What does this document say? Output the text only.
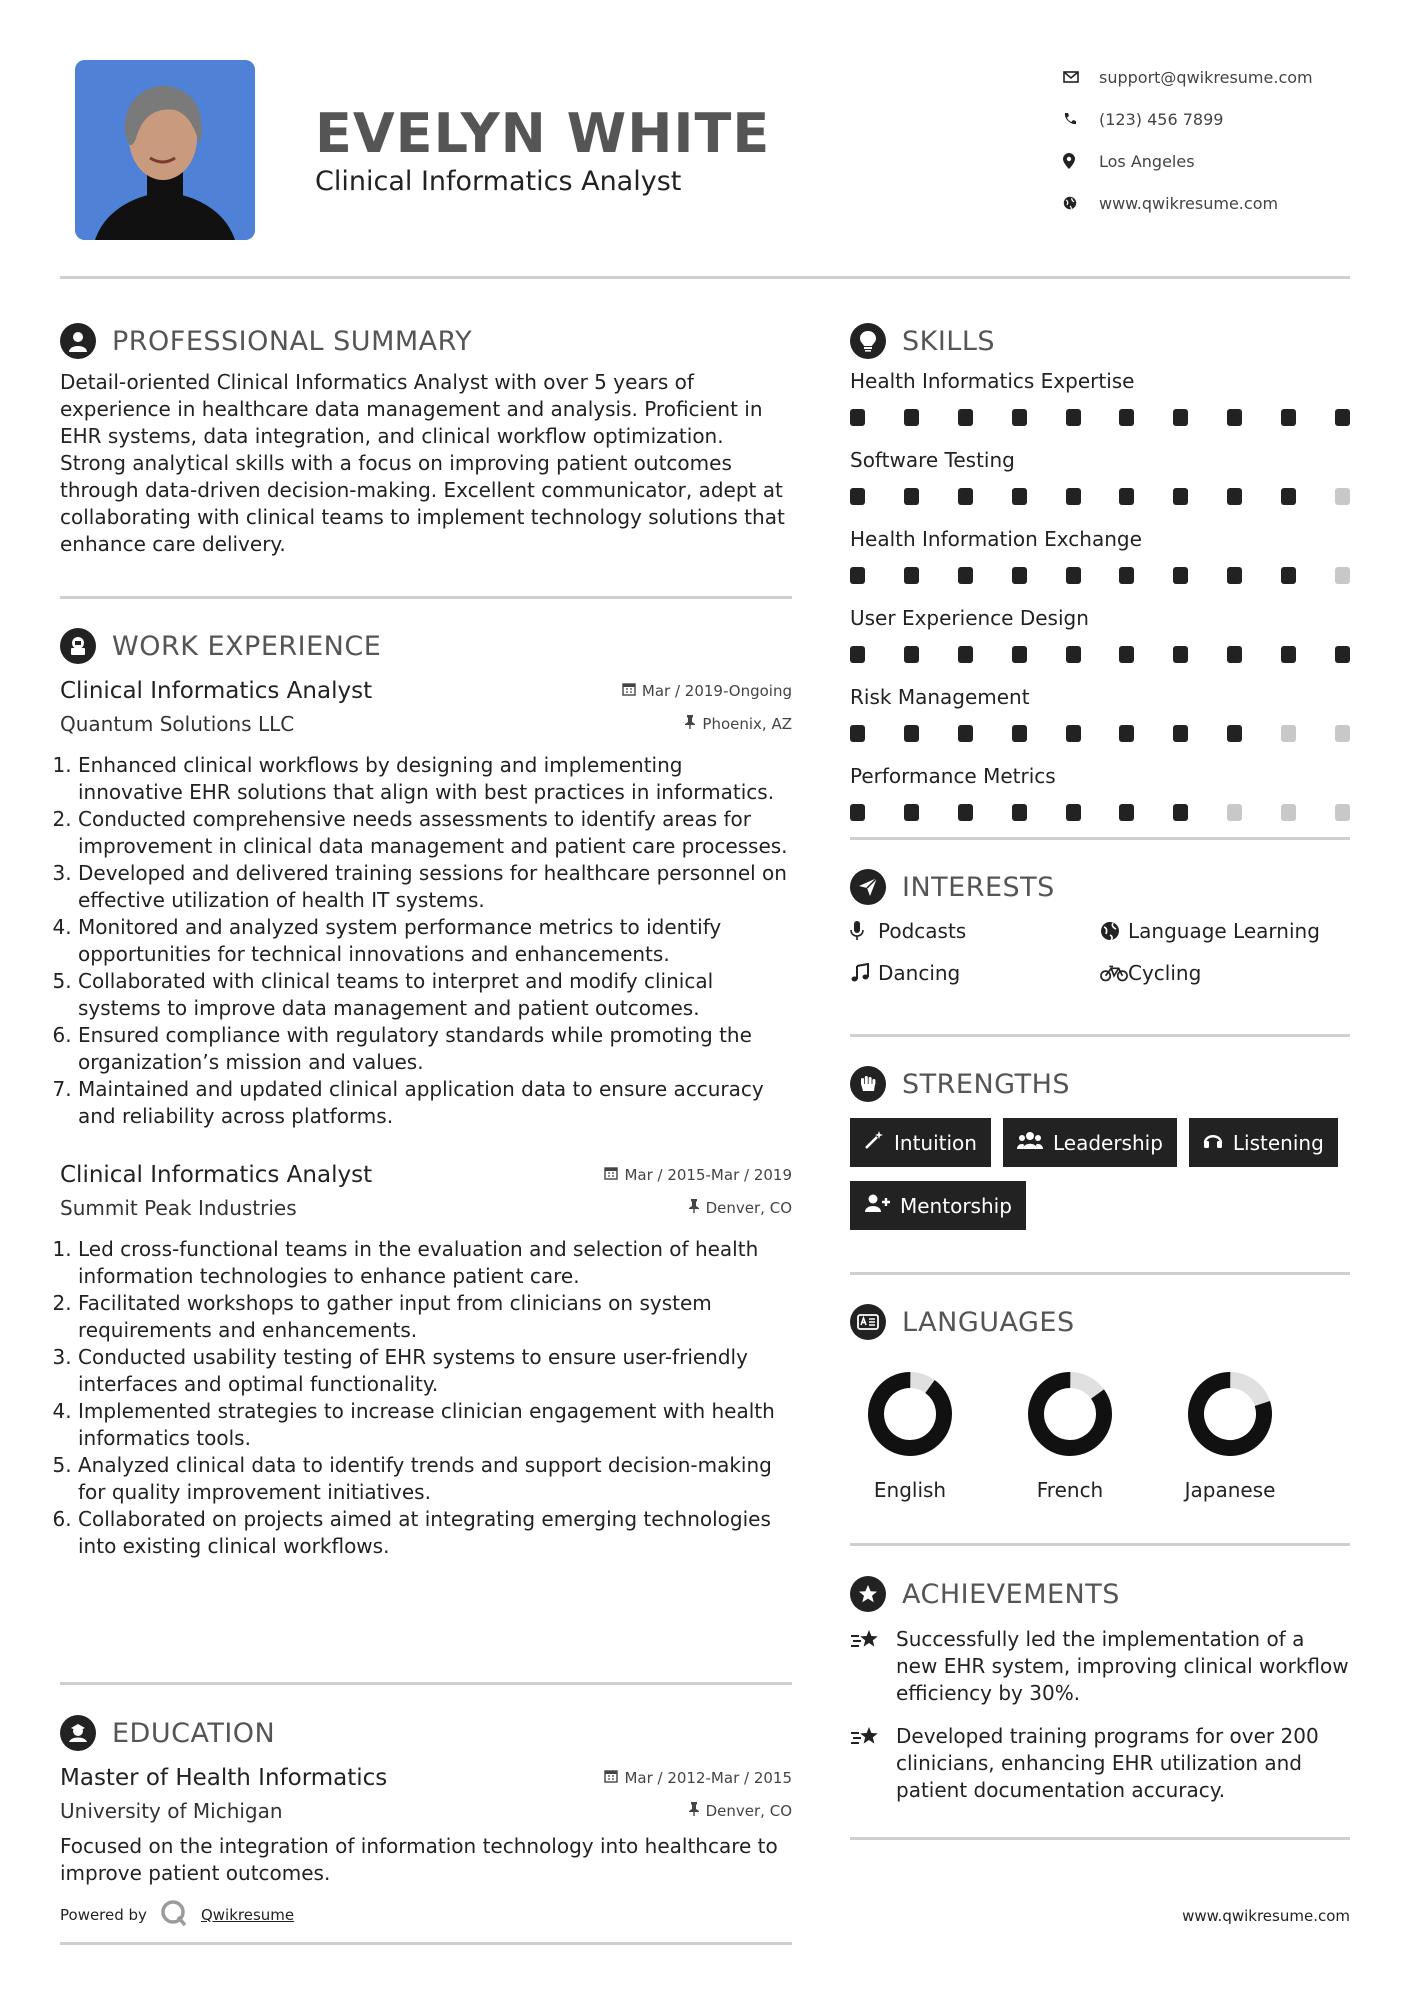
EVELYN WHITE
Clinical Informatics Analyst
support@qwikresume.com
(123) 456 7899
Los Angeles
www.qwikresume.com
PROFESSIONAL SUMMARY

Detail-oriented Clinical Informatics Analyst with over 5 years of experience in healthcare data management and analysis. Proficient in EHR systems, data integration, and clinical workflow optimization. Strong analytical skills with a focus on improving patient outcomes through data-driven decision-making. Excellent communicator, adept at collaborating with clinical teams to implement technology solutions that enhance care delivery.

WORK EXPERIENCE
Clinical Informatics Analyst	Mar / 2019-Ongoing
Quantum Solutions LLC	Phoenix, AZ
1. Enhanced clinical workflows by designing and implementing innovative EHR solutions that align with best practices in informatics.
2. Conducted comprehensive needs assessments to identify areas for improvement in clinical data management and patient care processes.
3. Developed and delivered training sessions for healthcare personnel on effective utilization of health IT systems.
4. Monitored and analyzed system performance metrics to identify opportunities for technical innovations and enhancements.
5. Collaborated with clinical teams to interpret and modify clinical systems to improve data management and patient outcomes.
6. Ensured compliance with regulatory standards while promoting the organization’s mission and values.
7. Maintained and updated clinical application data to ensure accuracy and reliability across platforms.
Clinical Informatics Analyst	Mar / 2015-Mar / 2019
Summit Peak Industries	Denver, CO
1. Led cross-functional teams in the evaluation and selection of health information technologies to enhance patient care.
2. Facilitated workshops to gather input from clinicians on system requirements and enhancements.
3. Conducted usability testing of EHR systems to ensure user-friendly interfaces and optimal functionality.
4. Implemented strategies to increase clinician engagement with health informatics tools.
5. Analyzed clinical data to identify trends and support decision-making for quality improvement initiatives.
6. Collaborated on projects aimed at integrating emerging technologies into existing clinical workflows.
EDUCATION
Master of Health Informatics	Mar / 2012-Mar / 2015
University of Michigan	Denver, CO

Focused on the integration of information technology into healthcare to improve patient outcomes.

SKILLS
Health Informatics Expertise
Software Testing
Health Information Exchange
User Experience Design
Risk Management
Performance Metrics
INTERESTS
Podcasts	Language Learning
Dancing	Cycling
STRENGTHS
Intuition	Leadership	Listening
Mentorship
LANGUAGES
English	French	Japanese
ACHIEVEMENTS
Successfully led the implementation of a new EHR system, improving clinical workflow efficiency by 30%.
Developed training programs for over 200 clinicians, enhancing EHR utilization and patient documentation accuracy.
Powered by	Qwikresume	www.qwikresume.com
